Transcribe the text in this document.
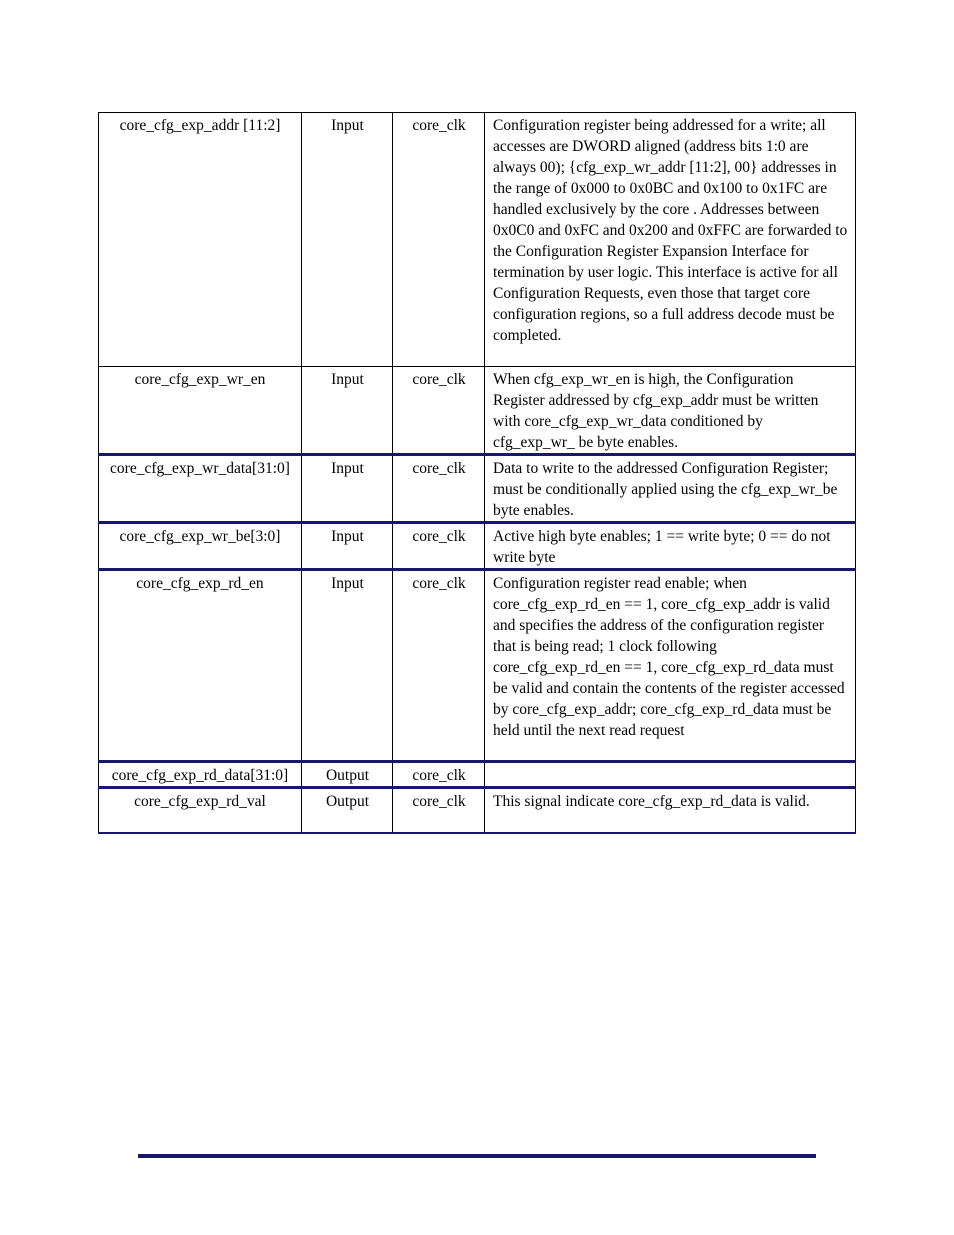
core_cfg_exp_addr [11:2]	Input	core_clk	Configuration register being addressed for a write; all accesses are DWORD aligned (address bits 1:0 are always 00); {cfg_exp_wr_addr [11:2], 00} addresses in the range of 0x000 to 0x0BC and 0x100 to 0x1FC are handled exclusively by the core . Addresses between 0x0C0 and 0xFC and 0x200 and 0xFFC are forwarded to the Configuration Register Expansion Interface for termination by user logic. This interface is active for all Configuration Requests, even those that target core configuration regions, so a full address decode must be completed.
core_cfg_exp_wr_en	Input	core_clk	When cfg_exp_wr_en is high, the Configuration Register addressed by cfg_exp_addr must be written with core_cfg_exp_wr_data conditioned by cfg_exp_wr_ be byte enables.
core_cfg_exp_wr_data[31:0]	Input	core_clk	Data to write to the addressed Configuration Register; must be conditionally applied using the cfg_exp_wr_be byte enables.
core_cfg_exp_wr_be[3:0]	Input	core_clk	Active high byte enables; 1 == write byte; 0 == do not write byte
core_cfg_exp_rd_en	Input	core_clk	Configuration register read enable; when core_cfg_exp_rd_en == 1, core_cfg_exp_addr is valid and specifies the address of the configuration register that is being read; 1 clock following core_cfg_exp_rd_en == 1, core_cfg_exp_rd_data must be valid and contain the contents of the register accessed by core_cfg_exp_addr; core_cfg_exp_rd_data must be held until the next read request
core_cfg_exp_rd_data[31:0]	Output	core_clk	
core_cfg_exp_rd_val	Output	core_clk	This signal indicate core_cfg_exp_rd_data is valid.
